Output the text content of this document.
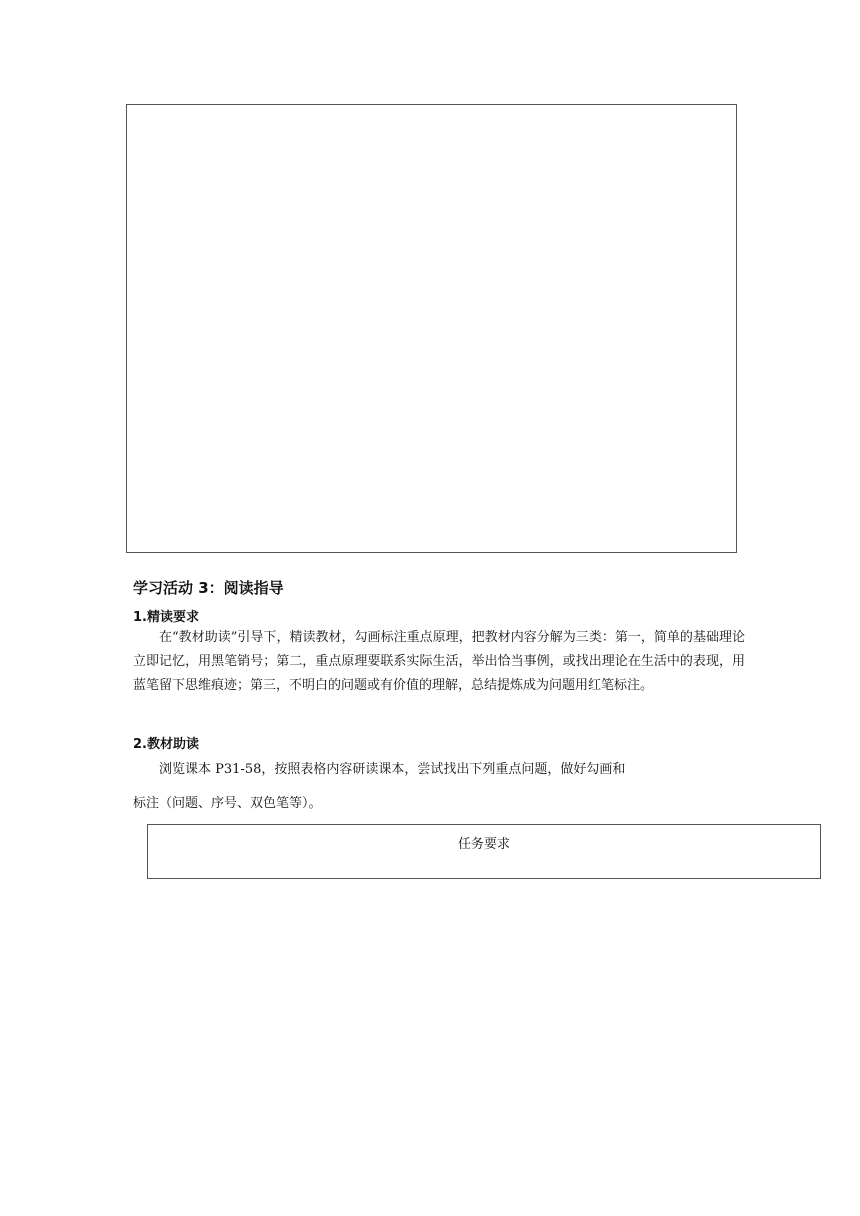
学习活动 3：阅读指导
1.精读要求

在“教材助读”引导下，精读教材，勾画标注重点原理，把教材内容分解为三类：第一，简单的基础理论立即记忆，用黑笔销号；第二，重点原理要联系实际生活，举出恰当事例，或找出理论在生活中的表现，用蓝笔留下思维痕迹；第三，不明白的问题或有价值的理解，总结提炼成为问题用红笔标注。

2.教材助读

浏览课本 P31-58，按照表格内容研读课本，尝试找出下列重点问题，做好勾画和

标注（问题、序号、双色笔等）。

任务要求
